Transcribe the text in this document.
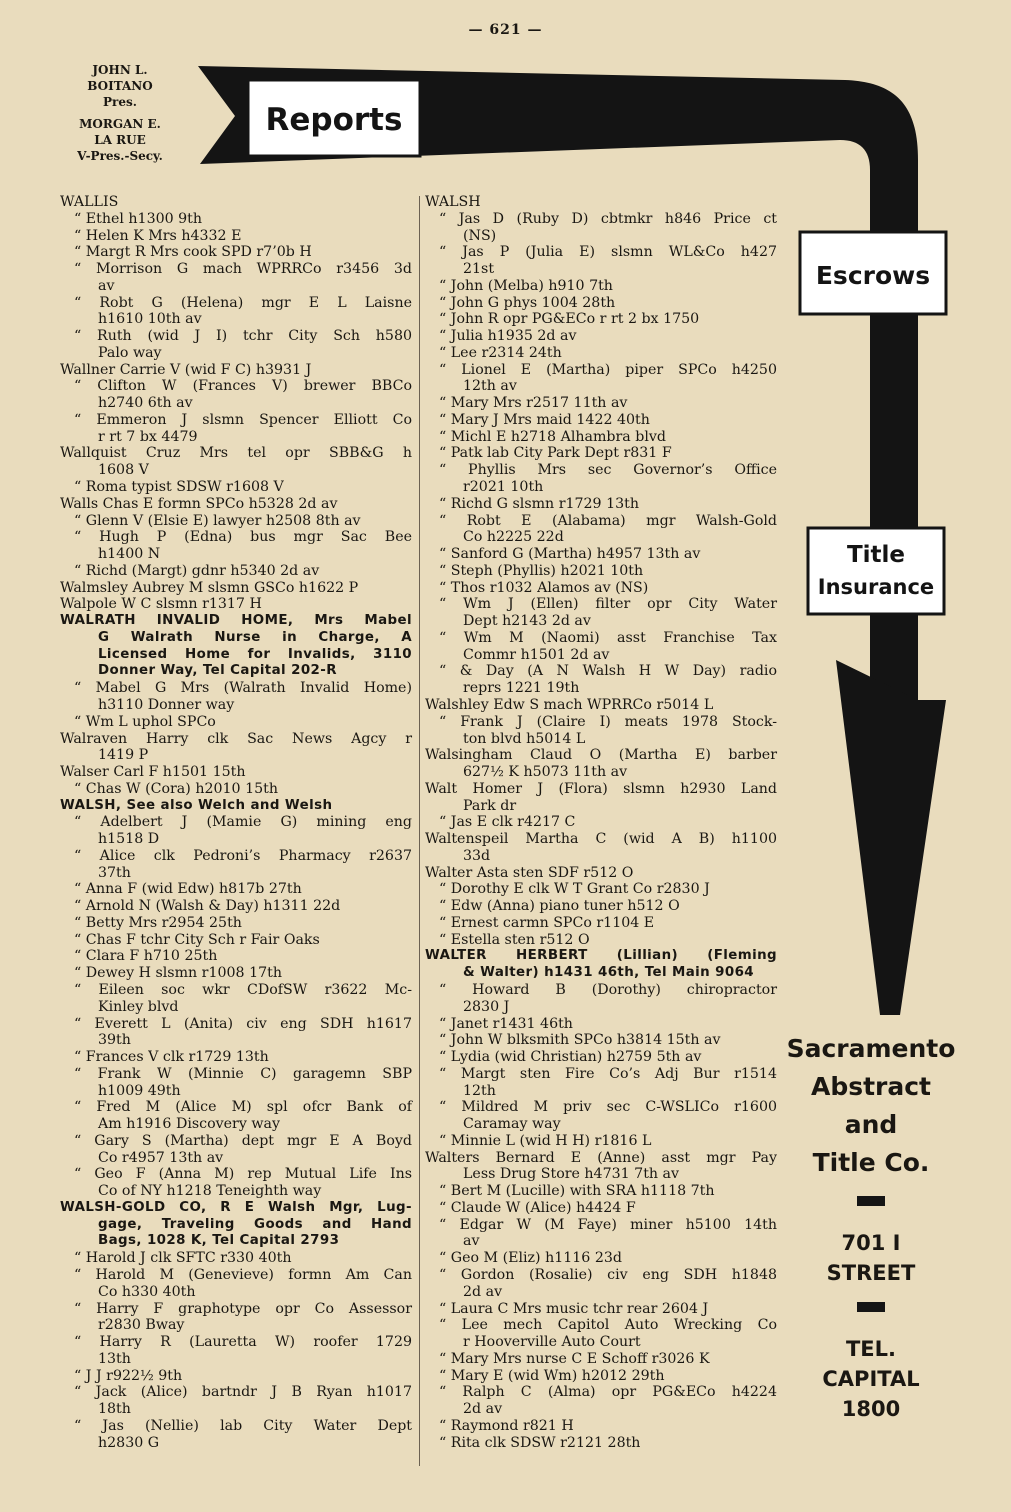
— 621 —
JOHN L.
BOITANO
Pres.
MORGAN E.
LA RUE
V-Pres.-Secy.
Reports
Escrows
Title
Insurance
WALLIS
“ Ethel h1300 9th
“ Helen K Mrs h4332 E
“ Margt R Mrs cook SPD r7’0b H
“ Morrison G mach WPRRCo r3456 3d
av
“ Robt G (Helena) mgr E L Laisne
h1610 10th av
“ Ruth (wid J I) tchr City Sch h580
Palo way
Wallner Carrie V (wid F C) h3931 J
“ Clifton W (Frances V) brewer BBCo
h2740 6th av
“ Emmeron J slsmn Spencer Elliott Co
r rt 7 bx 4479
Wallquist Cruz Mrs tel opr SBB&G h
1608 V
“ Roma typist SDSW r1608 V
Walls Chas E formn SPCo h5328 2d av
“ Glenn V (Elsie E) lawyer h2508 8th av
“ Hugh P (Edna) bus mgr Sac Bee
h1400 N
“ Richd (Margt) gdnr h5340 2d av
Walmsley Aubrey M slsmn GSCo h1622 P
Walpole W C slsmn r1317 H
WALRATH INVALID HOME, Mrs Mabel
G Walrath Nurse in Charge, A
Licensed Home for Invalids, 3110
Donner Way, Tel Capital 202-R
“ Mabel G Mrs (Walrath Invalid Home)
h3110 Donner way
“ Wm L uphol SPCo
Walraven Harry clk Sac News Agcy r
1419 P
Walser Carl F h1501 15th
“ Chas W (Cora) h2010 15th
WALSH, See also Welch and Welsh
“ Adelbert J (Mamie G) mining eng
h1518 D
“ Alice clk Pedroni’s Pharmacy r2637
37th
“ Anna F (wid Edw) h817b 27th
“ Arnold N (Walsh & Day) h1311 22d
“ Betty Mrs r2954 25th
“ Chas F tchr City Sch r Fair Oaks
“ Clara F h710 25th
“ Dewey H slsmn r1008 17th
“ Eileen soc wkr CDofSW r3622 Mc-
Kinley blvd
“ Everett L (Anita) civ eng SDH h1617
39th
“ Frances V clk r1729 13th
“ Frank W (Minnie C) garagemn SBP
h1009 49th
“ Fred M (Alice M) spl ofcr Bank of
Am h1916 Discovery way
“ Gary S (Martha) dept mgr E A Boyd
Co r4957 13th av
“ Geo F (Anna M) rep Mutual Life Ins
Co of NY h1218 Teneighth way
WALSH-GOLD CO, R E Walsh Mgr, Lug-
gage, Traveling Goods and Hand
Bags, 1028 K, Tel Capital 2793
“ Harold J clk SFTC r330 40th
“ Harold M (Genevieve) formn Am Can
Co h330 40th
“ Harry F graphotype opr Co Assessor
r2830 Bway
“ Harry R (Lauretta W) roofer 1729
13th
“ J J r922½ 9th
“ Jack (Alice) bartndr J B Ryan h1017
18th
“ Jas (Nellie) lab City Water Dept
h2830 G
WALSH
“ Jas D (Ruby D) cbtmkr h846 Price ct
(NS)
“ Jas P (Julia E) slsmn WL&Co h427
21st
“ John (Melba) h910 7th
“ John G phys 1004 28th
“ John R opr PG&ECo r rt 2 bx 1750
“ Julia h1935 2d av
“ Lee r2314 24th
“ Lionel E (Martha) piper SPCo h4250
12th av
“ Mary Mrs r2517 11th av
“ Mary J Mrs maid 1422 40th
“ Michl E h2718 Alhambra blvd
“ Patk lab City Park Dept r831 F
“ Phyllis Mrs sec Governor’s Office
r2021 10th
“ Richd G slsmn r1729 13th
“ Robt E (Alabama) mgr Walsh-Gold
Co h2225 22d
“ Sanford G (Martha) h4957 13th av
“ Steph (Phyllis) h2021 10th
“ Thos r1032 Alamos av (NS)
“ Wm J (Ellen) filter opr City Water
Dept h2143 2d av
“ Wm M (Naomi) asst Franchise Tax
Commr h1501 2d av
“ & Day (A N Walsh H W Day) radio
reprs 1221 19th
Walshley Edw S mach WPRRCo r5014 L
“ Frank J (Claire I) meats 1978 Stock-
ton blvd h5014 L
Walsingham Claud O (Martha E) barber
627½ K h5073 11th av
Walt Homer J (Flora) slsmn h2930 Land
Park dr
“ Jas E clk r4217 C
Waltenspeil Martha C (wid A B) h1100
33d
Walter Asta sten SDF r512 O
“ Dorothy E clk W T Grant Co r2830 J
“ Edw (Anna) piano tuner h512 O
“ Ernest carmn SPCo r1104 E
“ Estella sten r512 O
WALTER HERBERT (Lillian) (Fleming
& Walter) h1431 46th, Tel Main 9064
“ Howard B (Dorothy) chiropractor
2830 J
“ Janet r1431 46th
“ John W blksmith SPCo h3814 15th av
“ Lydia (wid Christian) h2759 5th av
“ Margt sten Fire Co’s Adj Bur r1514
12th
“ Mildred M priv sec C-WSLICo r1600
Caramay way
“ Minnie L (wid H H) r1816 L
Walters Bernard E (Anne) asst mgr Pay
Less Drug Store h4731 7th av
“ Bert M (Lucille) with SRA h1118 7th
“ Claude W (Alice) h4424 F
“ Edgar W (M Faye) miner h5100 14th
av
“ Geo M (Eliz) h1116 23d
“ Gordon (Rosalie) civ eng SDH h1848
2d av
“ Laura C Mrs music tchr rear 2604 J
“ Lee mech Capitol Auto Wrecking Co
r Hooverville Auto Court
“ Mary Mrs nurse C E Schoff r3026 K
“ Mary E (wid Wm) h2012 29th
“ Ralph C (Alma) opr PG&ECo h4224
2d av
“ Raymond r821 H
“ Rita clk SDSW r2121 28th
Sacramento
Abstract
and
Title Co.
701 I
STREET
TEL.
CAPITAL
1800
